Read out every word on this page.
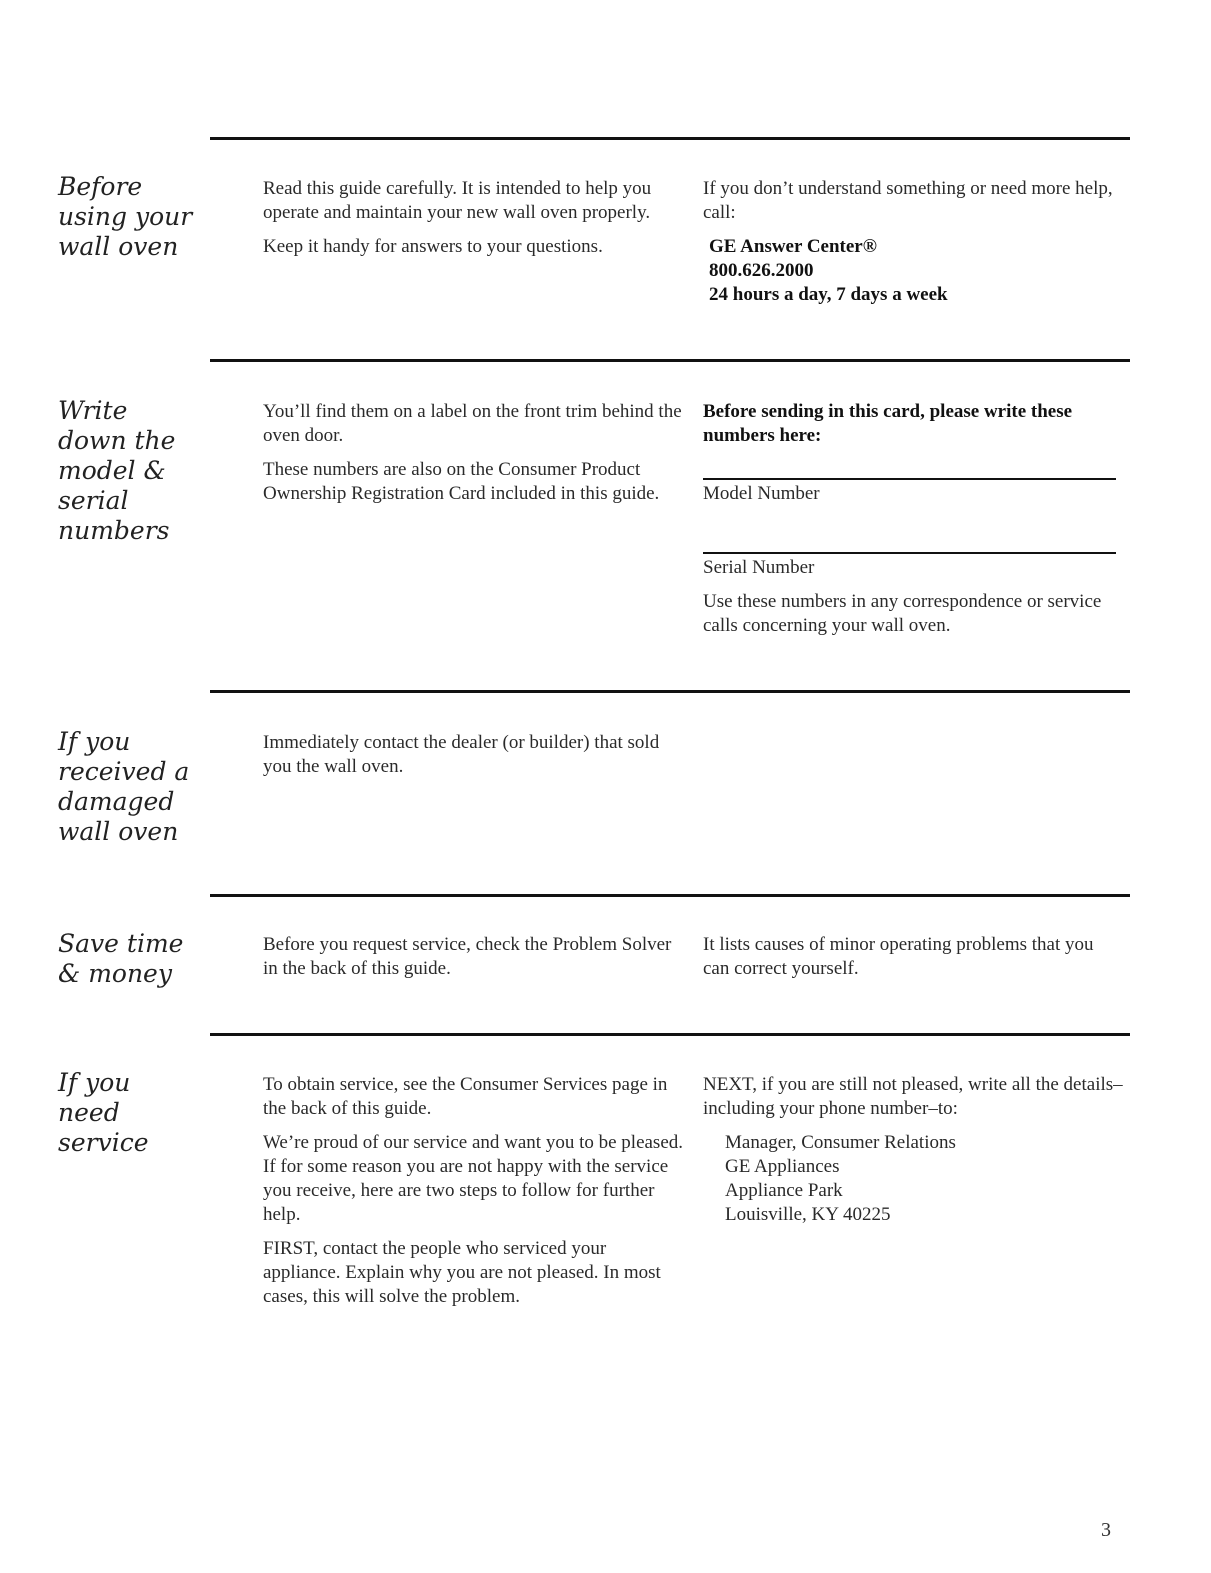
Before
using your
wall oven

Read this guide carefully. It is intended to help you operate and maintain your new wall oven properly.

Keep it handy for answers to your questions.

If you don’t understand something or need more help, call:

GE Answer Center®
800.626.2000
24 hours a day, 7 days a week
Write
down the
model &
serial
numbers

You’ll find them on a label on the front trim behind the oven door.

These numbers are also on the Consumer Product Ownership Registration Card included in this guide.

Before sending in this card, please write these numbers here:

Model Number

Serial Number

Use these numbers in any correspondence or service calls concerning your wall oven.

If you
received a
damaged
wall oven

Immediately contact the dealer (or builder) that sold you the wall oven.

Save time
& money

Before you request service, check the Problem Solver in the back of this guide.

It lists causes of minor operating problems that you can correct yourself.

If you
need
service

To obtain service, see the Consumer Services page in the back of this guide.

We’re proud of our service and want you to be pleased. If for some reason you are not happy with the service you receive, here are two steps to follow for further help.

FIRST, contact the people who serviced your appliance. Explain why you are not pleased. In most cases, this will solve the problem.

NEXT, if you are still not pleased, write all the details–including your phone number–to:

Manager, Consumer Relations
GE Appliances
Appliance Park
Louisville, KY 40225
3
